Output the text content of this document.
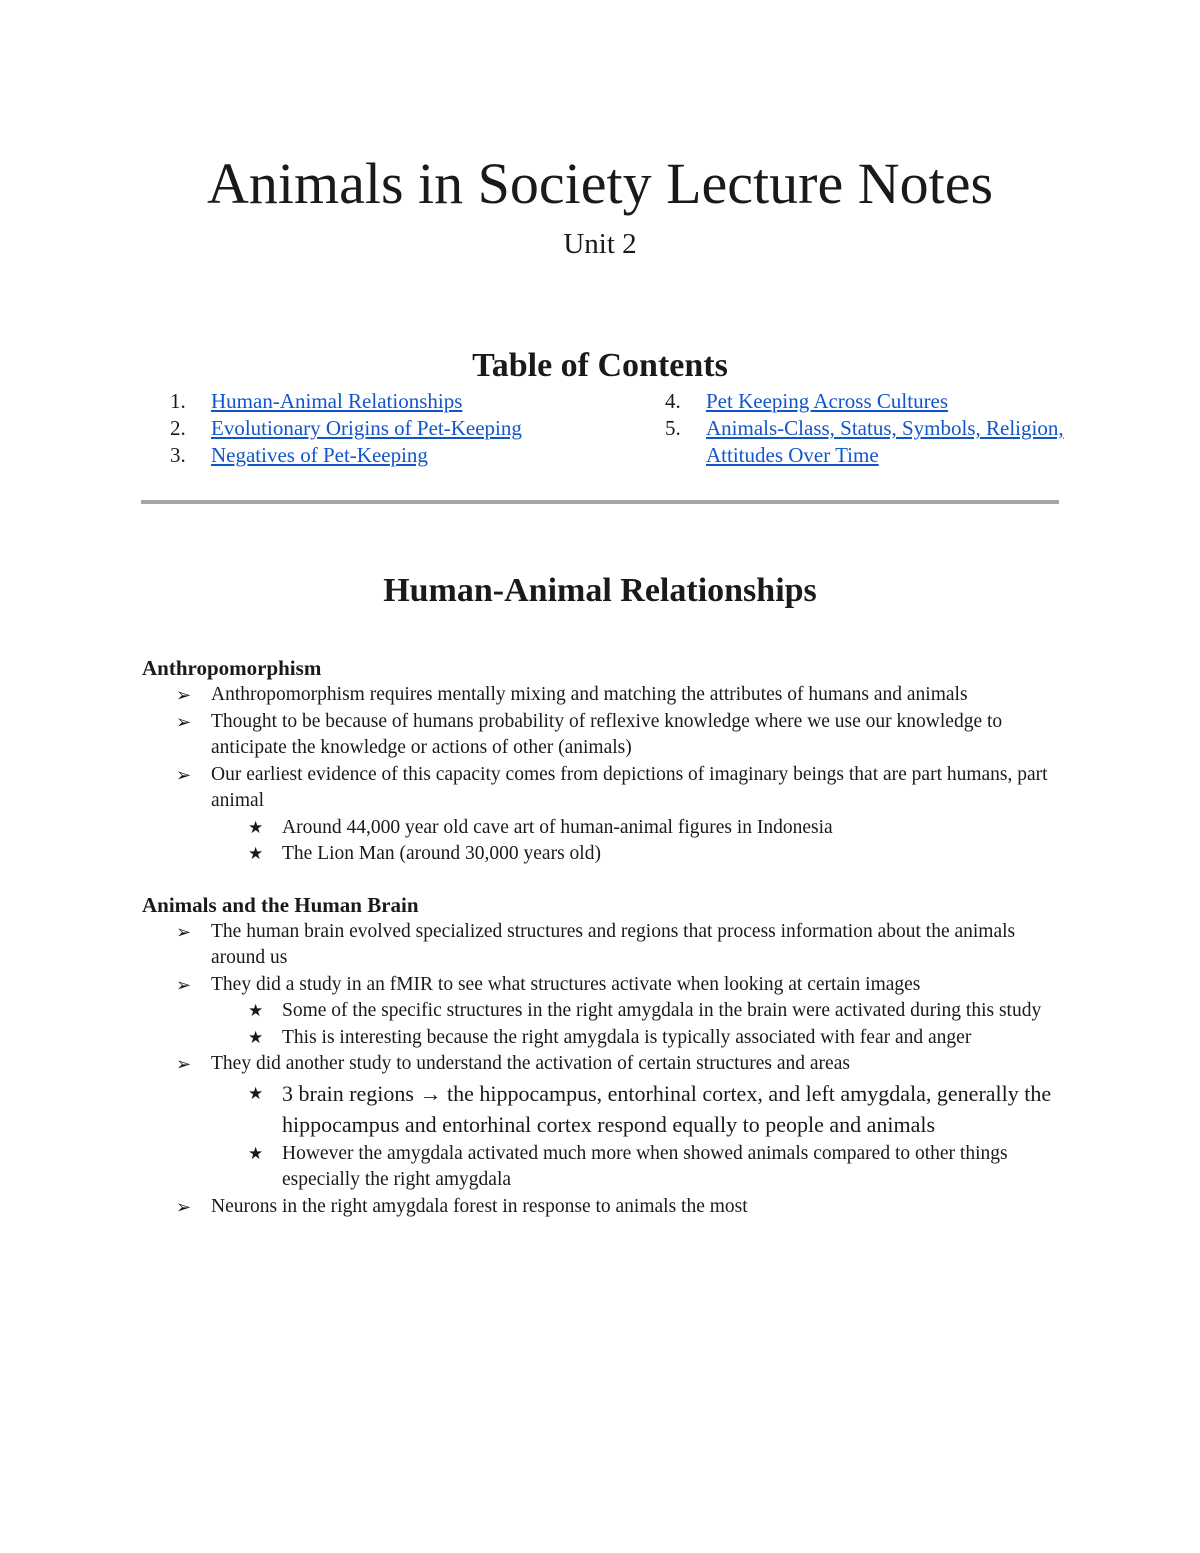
Animals in Society Lecture Notes
Unit 2
Table of Contents
1.	Human-Animal Relationships
2.	Evolutionary Origins of Pet-Keeping
3.	Negatives of Pet-Keeping
4.	Pet Keeping Across Cultures
5.	Animals-Class, Status, Symbols, Religion, Attitudes Over Time
Human-Animal Relationships
Anthropomorphism
➢ Anthropomorphism requires mentally mixing and matching the attributes of humans and animals
➢ Thought to be because of humans probability of reflexive knowledge where we use our knowledge to anticipate the knowledge or actions of other (animals)
➢ Our earliest evidence of this capacity comes from depictions of imaginary beings that are part humans, part animal
★ Around 44,000 year old cave art of human-animal figures in Indonesia
★ The Lion Man (around 30,000 years old)
Animals and the Human Brain
➢ The human brain evolved specialized structures and regions that process information about the animals around us
➢ They did a study in an fMIR to see what structures activate when looking at certain images
★ Some of the specific structures in the right amygdala in the brain were activated during this study
★ This is interesting because the right amygdala is typically associated with fear and anger
➢ They did another study to understand the activation of certain structures and areas
★ 3 brain regions → the hippocampus, entorhinal cortex, and left amygdala, generally the hippocampus and entorhinal cortex respond equally to people and animals
★ However the amygdala activated much more when showed animals compared to other things especially the right amygdala
➢ Neurons in the right amygdala forest in response to animals the most
